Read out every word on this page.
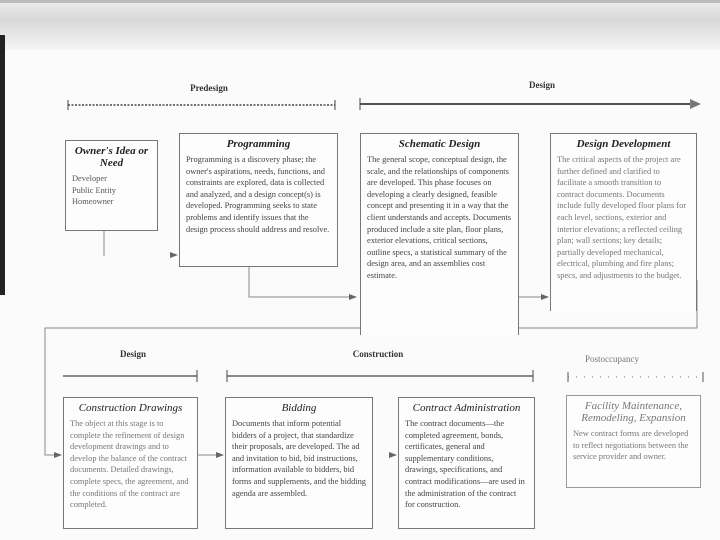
Predesign	Design
Design	Construction	Postoccupancy
Owner's Idea or Need
Developer
Public Entity
Homeowner
Programming

Programming is a discovery phase; the owner's aspirations, needs, functions, and constraints are explored, data is collected and analyzed, and a design concept(s) is developed. Programming seeks to state problems and identify issues that the design process should address and resolve.

Schematic Design

The general scope, conceptual design, the scale, and the relationships of components are developed. This phase focuses on developing a clearly designed, feasible concept and presenting it in a way that the client understands and accepts. Documents produced include a site plan, floor plans, exterior elevations, critical sections, outline specs, a statistical summary of the design area, and an assemblies cost estimate.

Design Development

The critical aspects of the project are further defined and clarified to facilitate a smooth transition to contract documents. Documents include fully developed floor plans for each level, sections, exterior and interior elevations; a reflected ceiling plan; wall sections; key details; partially developed mechanical, electrical, plumbing and fire plans; specs, and adjustments to the budget.

Construction Drawings

The object at this stage is to complete the refinement of design development drawings and to develop the balance of the contract documents. Detailed drawings, complete specs, the agreement, and the conditions of the contract are completed.

Bidding

Documents that inform potential bidders of a project, that standardize their proposals, are developed. The ad and invitation to bid, bid instructions, information available to bidders, bid forms and supplements, and the bidding agenda are assembled.

Contract Administration

The contract documents—the completed agreement, bonds, certificates, general and supplementary conditions, drawings, specifications, and contract modifications—are used in the administration of the contract for construction.

Facility Maintenance, Remodeling, Expansion

New contract forms are developed to reflect negotiations between the service provider and owner.
